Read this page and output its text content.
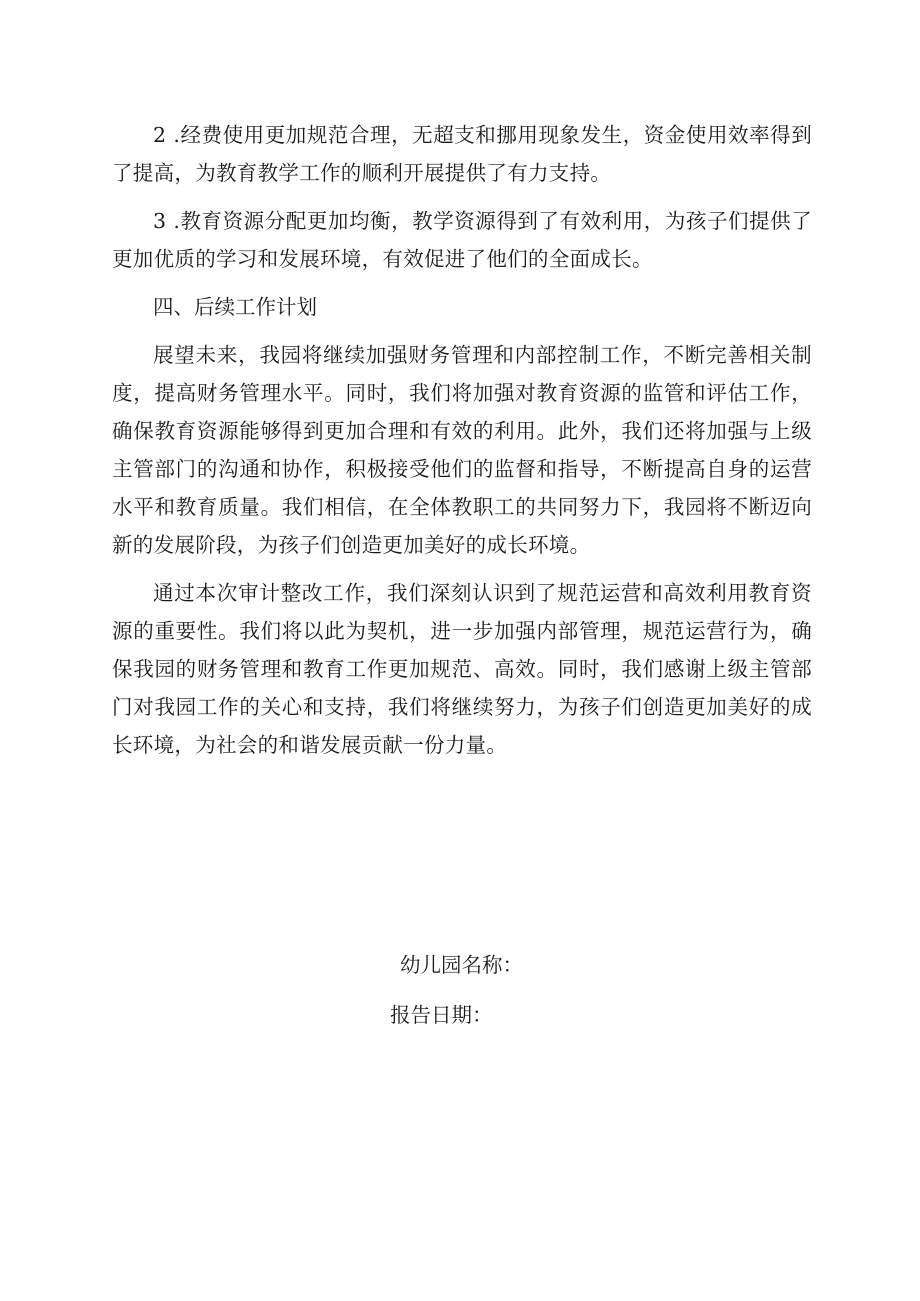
2 .经费使用更加规范合理，无超支和挪用现象发生，资金使用效率得到了提高，为教育教学工作的顺利开展提供了有力支持。

3 .教育资源分配更加均衡，教学资源得到了有效利用，为孩子们提供了更加优质的学习和发展环境，有效促进了他们的全面成长。

四、后续工作计划

展望未来，我园将继续加强财务管理和内部控制工作，不断完善相关制度，提高财务管理水平。同时，我们将加强对教育资源的监管和评估工作，确保教育资源能够得到更加合理和有效的利用。此外，我们还将加强与上级主管部门的沟通和协作，积极接受他们的监督和指导，不断提高自身的运营水平和教育质量。我们相信，在全体教职工的共同努力下，我园将不断迈向新的发展阶段，为孩子们创造更加美好的成长环境。

通过本次审计整改工作，我们深刻认识到了规范运营和高效利用教育资源的重要性。我们将以此为契机，进一步加强内部管理，规范运营行为，确保我园的财务管理和教育工作更加规范、高效。同时，我们感谢上级主管部门对我园工作的关心和支持，我们将继续努力，为孩子们创造更加美好的成长环境，为社会的和谐发展贡献一份力量。

幼儿园名称：
报告日期：
